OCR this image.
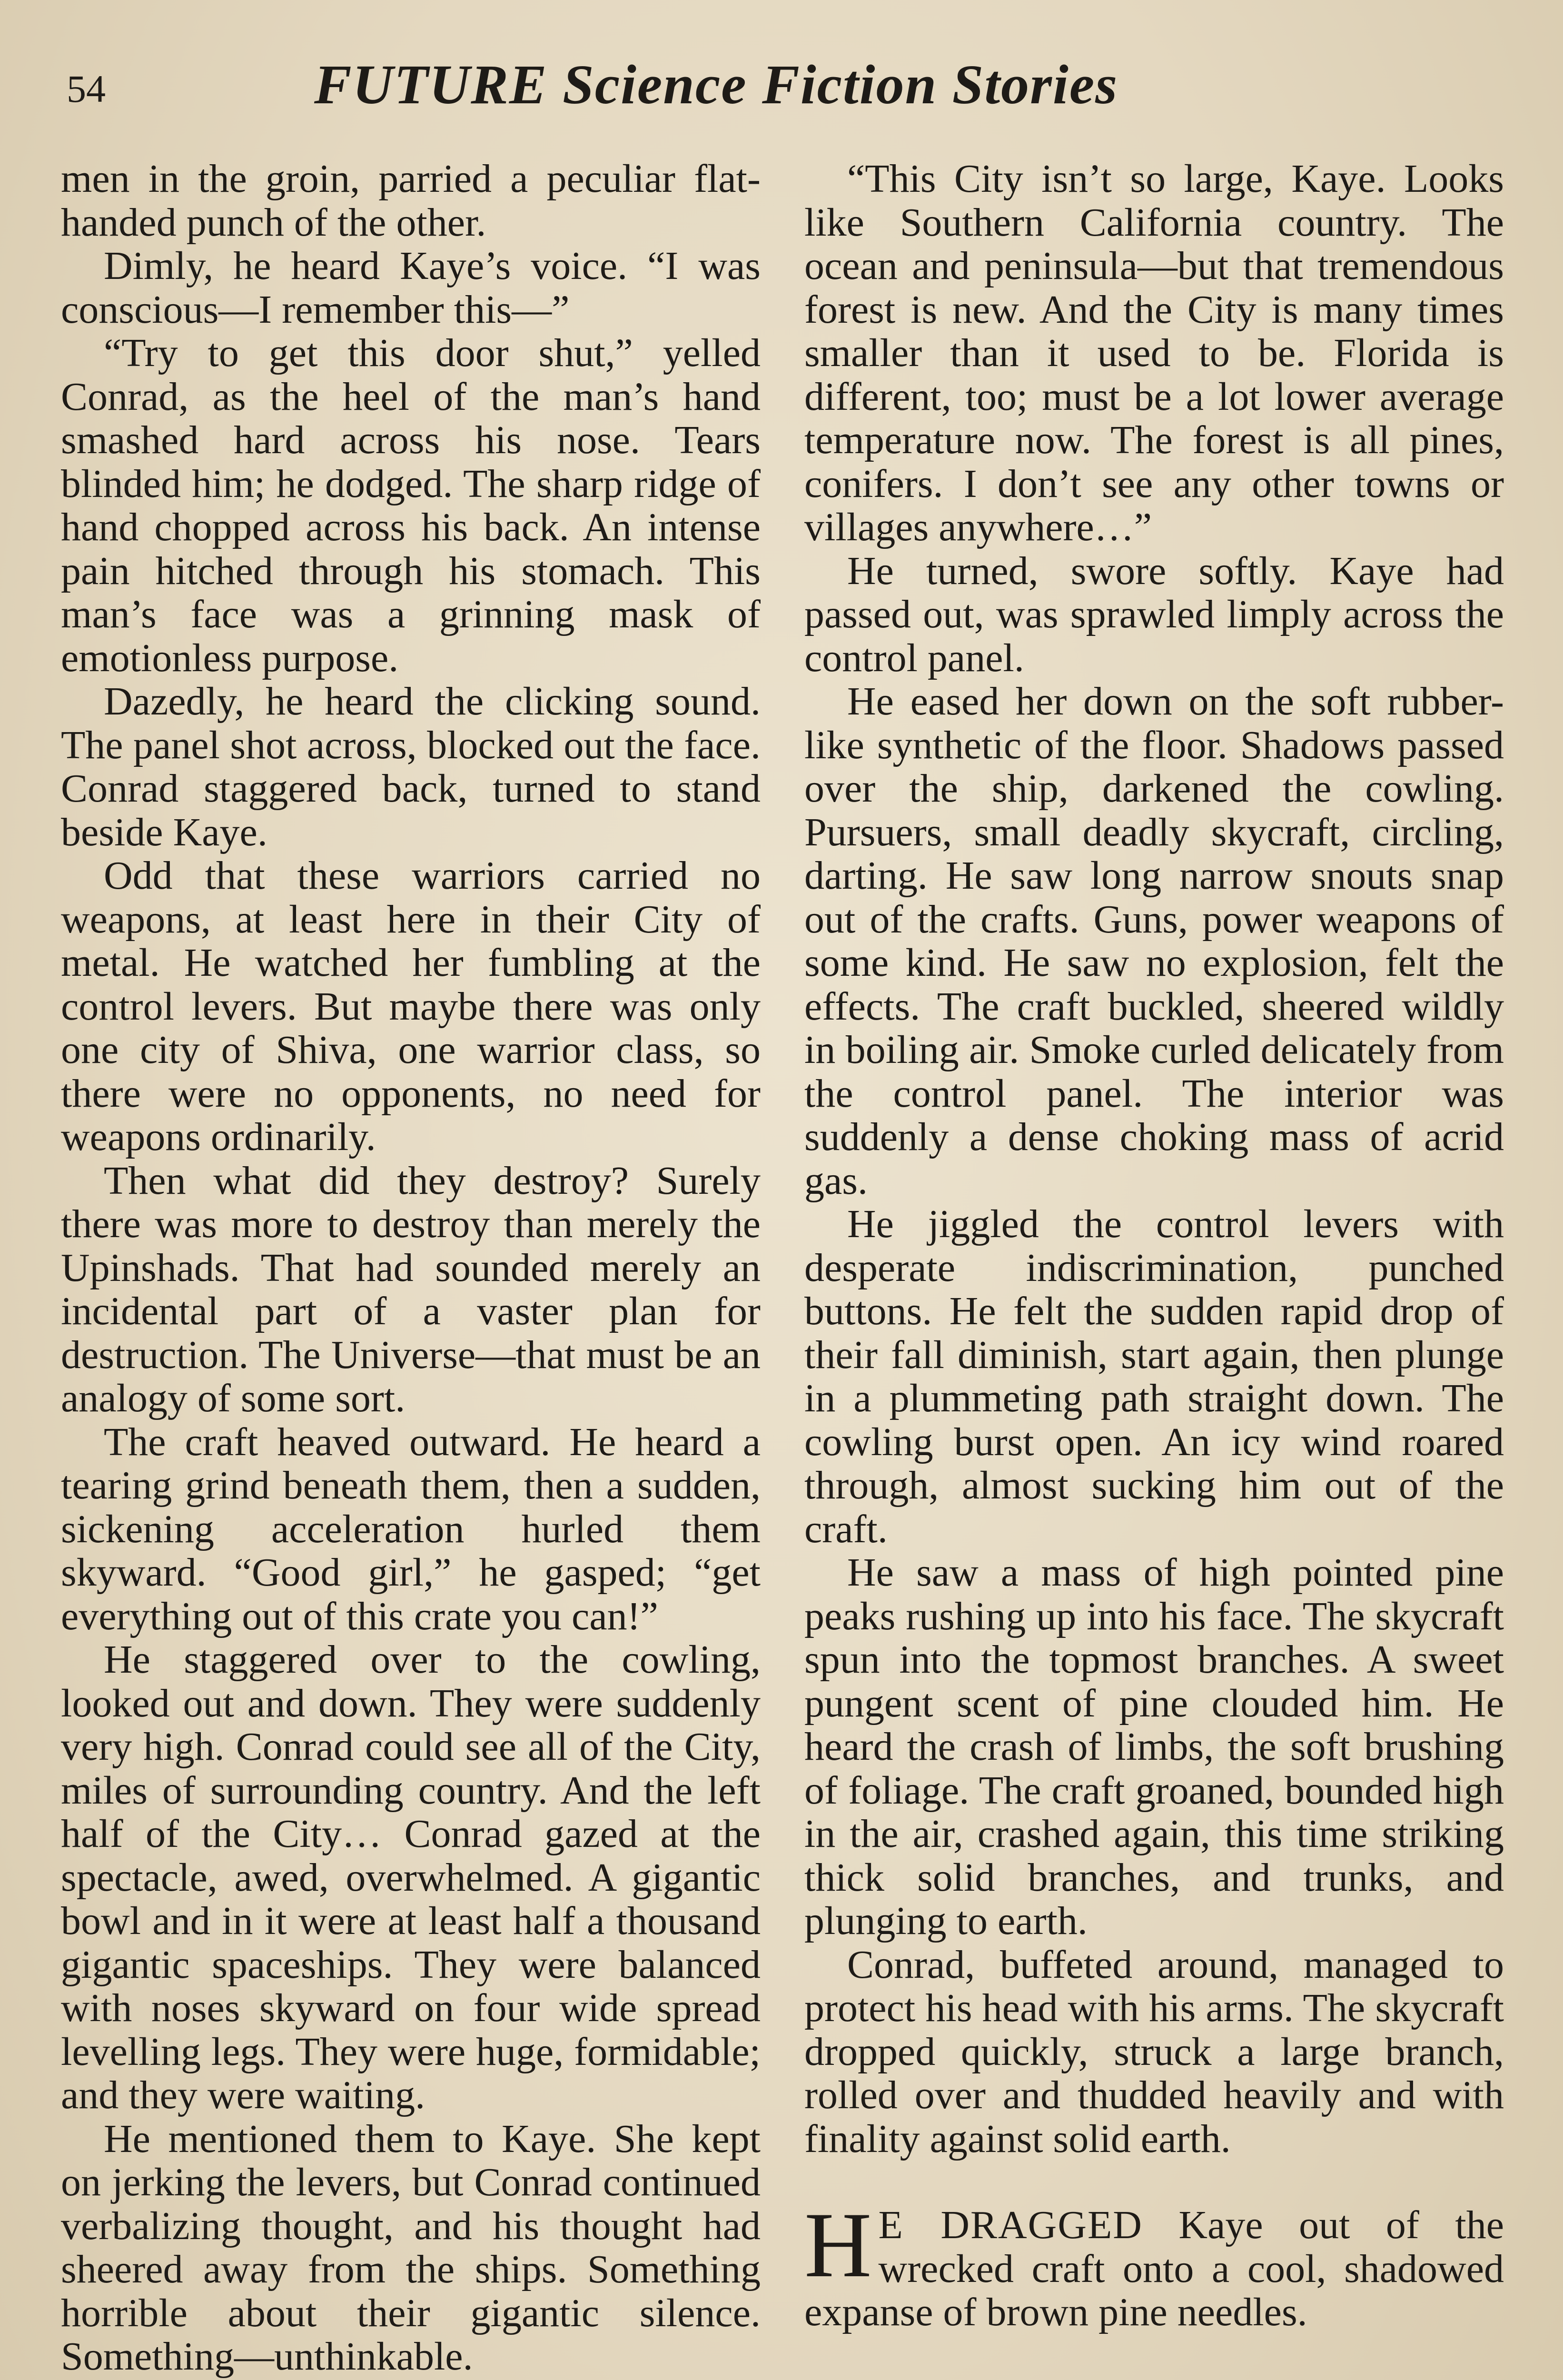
54	FUTURE Science Fiction Stories

men in the groin, parried a peculiar flat-handed punch of the other.

Dimly, he heard Kaye’s voice. “I was conscious—I remember this—”

“Try to get this door shut,” yelled Conrad, as the heel of the man’s hand smashed hard across his nose. Tears blinded him; he dodged. The sharp ridge of hand chopped across his back. An intense pain hitched through his stomach. This man’s face was a grinning mask of emotionless purpose.

Dazedly, he heard the clicking sound. The panel shot across, blocked out the face. Conrad staggered back, turned to stand beside Kaye.

Odd that these warriors carried no weapons, at least here in their City of metal. He watched her fumbling at the control levers. But maybe there was only one city of Shiva, one warrior class, so there were no opponents, no need for weapons ordinarily.

Then what did they destroy? Surely there was more to destroy than merely the Upinshads. That had sounded merely an incidental part of a vaster plan for destruction. The Universe—that must be an analogy of some sort.

The craft heaved outward. He heard a tearing grind beneath them, then a sudden, sickening acceleration hurled them skyward. “Good girl,” he gasped; “get everything out of this crate you can!”

He staggered over to the cowling, looked out and down. They were suddenly very high. Conrad could see all of the City, miles of surrounding country. And the left half of the City… Conrad gazed at the spectacle, awed, overwhelmed. A gigantic bowl and in it were at least half a thousand gigantic spaceships. They were balanced with noses skyward on four wide spread levelling legs. They were huge, formidable; and they were waiting.

He mentioned them to Kaye. She kept on jerking the levers, but Conrad continued verbalizing thought, and his thought had sheered away from the ships. Something horrible about their gigantic silence. Something—unthinkable.

“This City isn’t so large, Kaye. Looks like Southern California country. The ocean and peninsula—but that tremendous forest is new. And the City is many times smaller than it used to be. Florida is different, too; must be a lot lower average temperature now. The forest is all pines, conifers. I don’t see any other towns or villages anywhere…”

He turned, swore softly. Kaye had passed out, was sprawled limply across the control panel.

He eased her down on the soft rubber-like synthetic of the floor. Shadows passed over the ship, darkened the cowling. Pursuers, small deadly skycraft, circling, darting. He saw long narrow snouts snap out of the crafts. Guns, power weapons of some kind. He saw no explosion, felt the effects. The craft buckled, sheered wildly in boiling air. Smoke curled delicately from the control panel. The interior was suddenly a dense choking mass of acrid gas.

He jiggled the control levers with desperate indiscrimination, punched buttons. He felt the sudden rapid drop of their fall diminish, start again, then plunge in a plummeting path straight down. The cowling burst open. An icy wind roared through, almost sucking him out of the craft.

He saw a mass of high pointed pine peaks rushing up into his face. The skycraft spun into the topmost branches. A sweet pungent scent of pine clouded him. He heard the crash of limbs, the soft brushing of foliage. The craft groaned, bounded high in the air, crashed again, this time striking thick solid branches, and trunks, and plunging to earth.

Conrad, buffeted around, managed to protect his head with his arms. The skycraft dropped quickly, struck a large branch, rolled over and thudded heavily and with finality against solid earth.

H E DRAGGED Kaye out of the wrecked craft onto a cool, shadowed expanse of brown pine needles.
